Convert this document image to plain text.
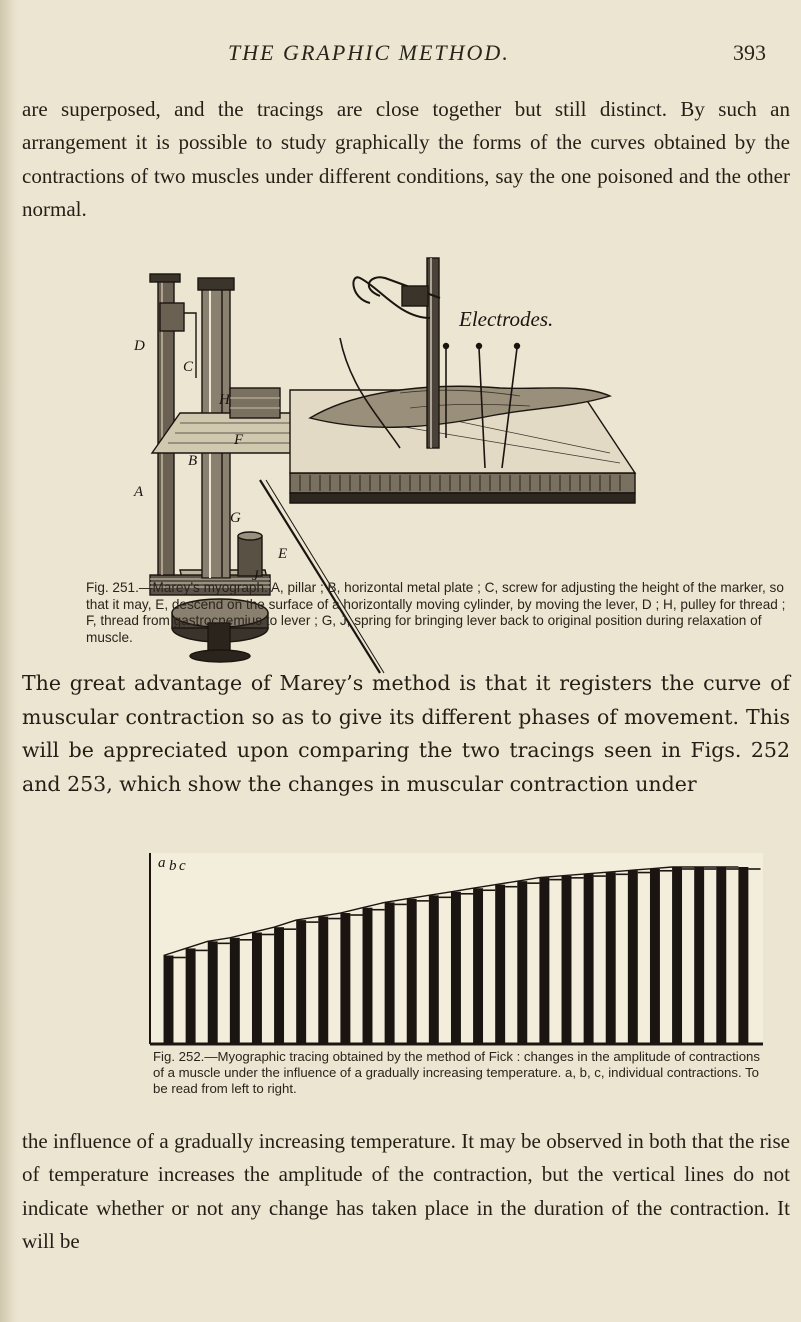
THE GRAPHIC METHOD.	393

are superposed, and the tracings are close together but still distinct. By such an arrangement it is possible to study graphically the forms of the curves obtained by the contractions of two muscles under different conditions, say the one poisoned and the other normal.

D
C
H
F
B
A
G
J
E
Electrodes.

Fig. 251.—Marey’s myograph. A, pillar ; B, horizontal metal plate ; C, screw for adjusting the height of the marker, so that it may, E, descend on the surface of a horizontally moving cylinder, by moving the lever, D ; H, pulley for thread ; F, thread from gastrocnemius to lever ; G, J, spring for bringing lever back to original position during relaxation of muscle.

The great advantage of Marey’s method is that it registers the curve of muscular contraction so as to give its different phases of movement. This will be appreciated upon comparing the two tracings seen in Figs. 252 and 253, which show the changes in muscular contraction under

a b c

Fig. 252.—Myographic tracing obtained by the method of Fick : changes in the amplitude of contractions of a muscle under the influence of a gradually increasing temperature. a, b, c, individual contractions. To be read from left to right.

the influence of a gradually increasing temperature. It may be observed in both that the rise of temperature increases the amplitude of the contraction, but the vertical lines do not indicate whether or not any change has taken place in the duration of the contraction. It will be
